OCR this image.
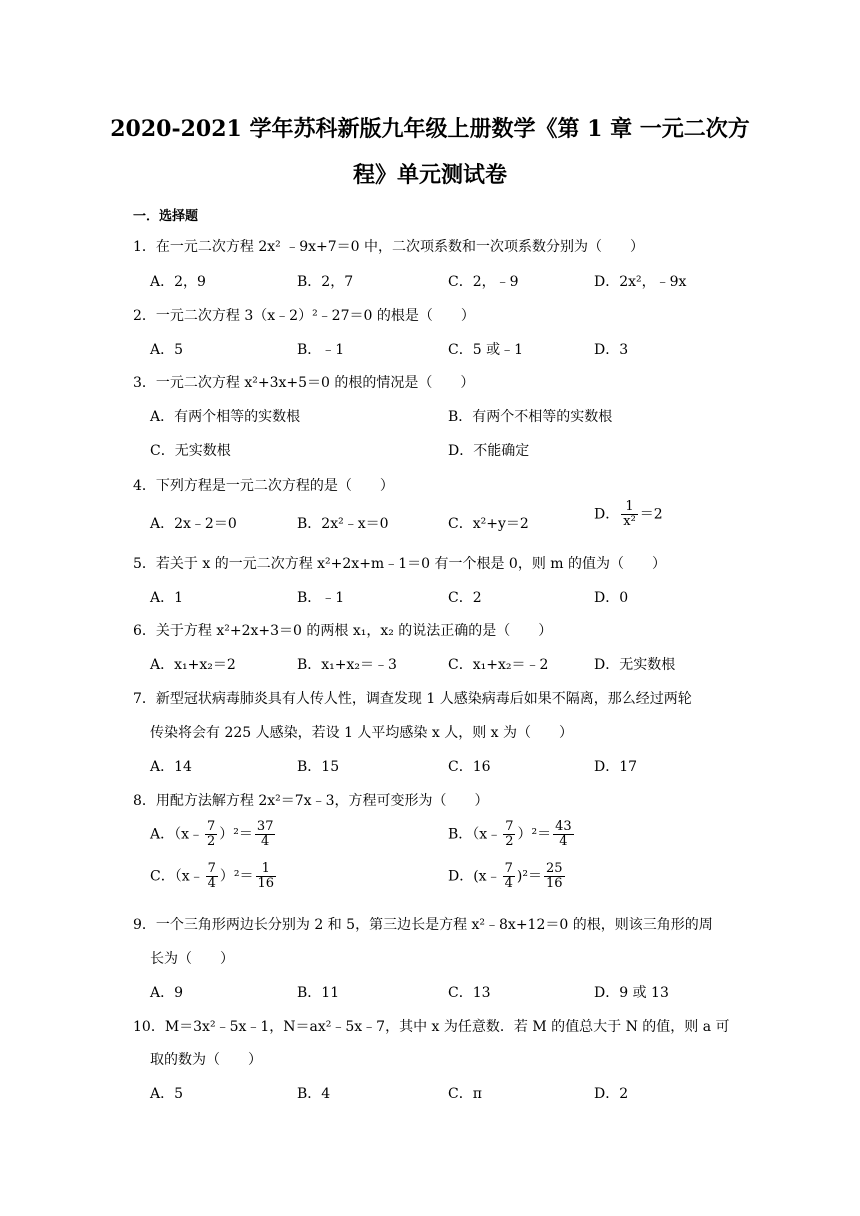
2020-2021 学年苏科新版九年级上册数学《第 1 章 一元二次方
程》单元测试卷
一．选择题
1．在一元二次方程 2x² ﹣9x+7＝0 中，二次项系数和一次项系数分别为（　　）
A．2，9	B．2，7	C．2，﹣9	D．2x²，﹣9x
2．一元二次方程 3（x﹣2）²﹣27＝0 的根是（　　）
A．5	B．﹣1	C．5 或﹣1	D．3
3．一元二次方程 x²+3x+5＝0 的根的情况是（　　）
A．有两个相等的实数根	B．有两个不相等的实数根
C．无实数根	D．不能确定
4．下列方程是一元二次方程的是（　　）
A．2x﹣2＝0	B．2x²﹣x＝0	C．x²+y＝2
D． $\frac{1}{\text{x²}} =2$
5．若关于 x 的一元二次方程 x²+2x+m﹣1＝0 有一个根是 0，则 m 的值为（　　）
A．1	B．﹣1	C．2	D．0
6．关于方程 x²+2x+3＝0 的两根 x₁，x₂ 的说法正确的是（　　）
A．x₁+x₂＝2	B．x₁+x₂＝﹣3	C．x₁+x₂＝﹣2	D．无实数根
7．新型冠状病毒肺炎具有人传人性，调查发现 1 人感染病毒后如果不隔离，那么经过两轮
传染将会有 225 人感染，若设 1 人平均感染 x 人，则 x 为（　　）
A．14	B．15	C．16	D．17
8．用配方法解方程 2x²＝7x﹣3，方程可变形为（　　）
A．（x﹣ $\frac{7}{2} )^2= \frac{37}{4}$	B．（x﹣ $\frac{7}{2} )^2= \frac{43}{4}$
C．（x﹣ $\frac{7}{4} )^2= \frac{1}{16}$	D．(x﹣ $\frac{7}{4} )^2= \frac{25}{16}$
9．一个三角形两边长分别为 2 和 5，第三边长是方程 x²﹣8x+12＝0 的根，则该三角形的周
长为（　　）
A．9	B．11	C．13	D．9 或 13
10．M＝3x²﹣5x﹣1，N＝ax²﹣5x﹣7，其中 x 为任意数．若 M 的值总大于 N 的值，则 a 可
取的数为（　　）
A．5	B．4	C．π	D．2
